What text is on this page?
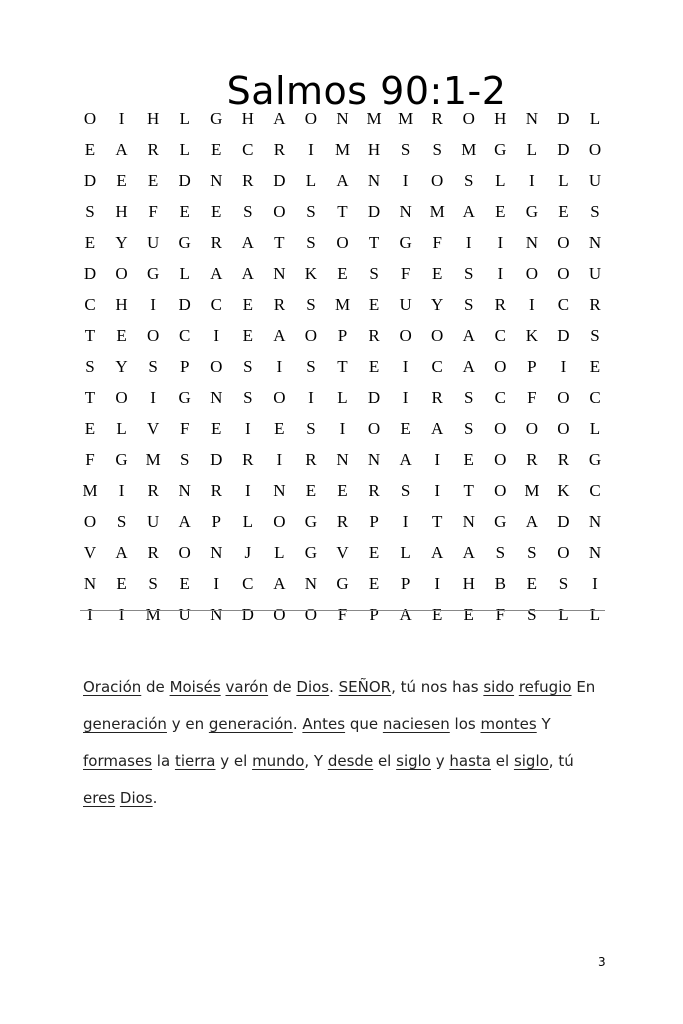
Salmos 90:1-2
O	I	H L G H A O N M M R O H N D L
E A R L E C R	I	M H	S	S	M G L D O
D E E D N R D L A N	I	O	S	L	I	L U
S	H	F	E E	S	O	S	T D N M A E G E	S
E Y U G R A T	S	O T G	F	I	I	N O N
D O G L A A N K E	S	F	E	S	I	O O U
C H	I	D C E R	S	M E U Y	S	R	I	C R
T E O C	I	E A O	P	R O O A C K D	S
S	Y	S	P	O	S	I	S	T E	I	C A O	P	I	E
T O	I	G N	S	O	I	L D	I	R	S	C	F	O C
E L V	F	E	I	E	S	I	O E A	S	O O O L
F	G M	S	D R	I	R N N A	I	E O R R G
M	I	R N R	I	N E E R	S	I	T O M K C
O	S	U A	P	L O G R	P	I	T N G A D N
V A R O N	J	L G V E L A A	S	S	O N
N E	S	E	I	C A N G E	P	I	H B E	S	I
I	I	M U N D O O	F	P	A E E	F	S	L L

Oración de Moisés varón de Dios. SEÑOR, tú nos has sido refugio En generación y en generación. Antes que naciesen los montes Y formases la tierra y el mundo, Y desde el siglo y hasta el siglo, tú eres Dios.

3
